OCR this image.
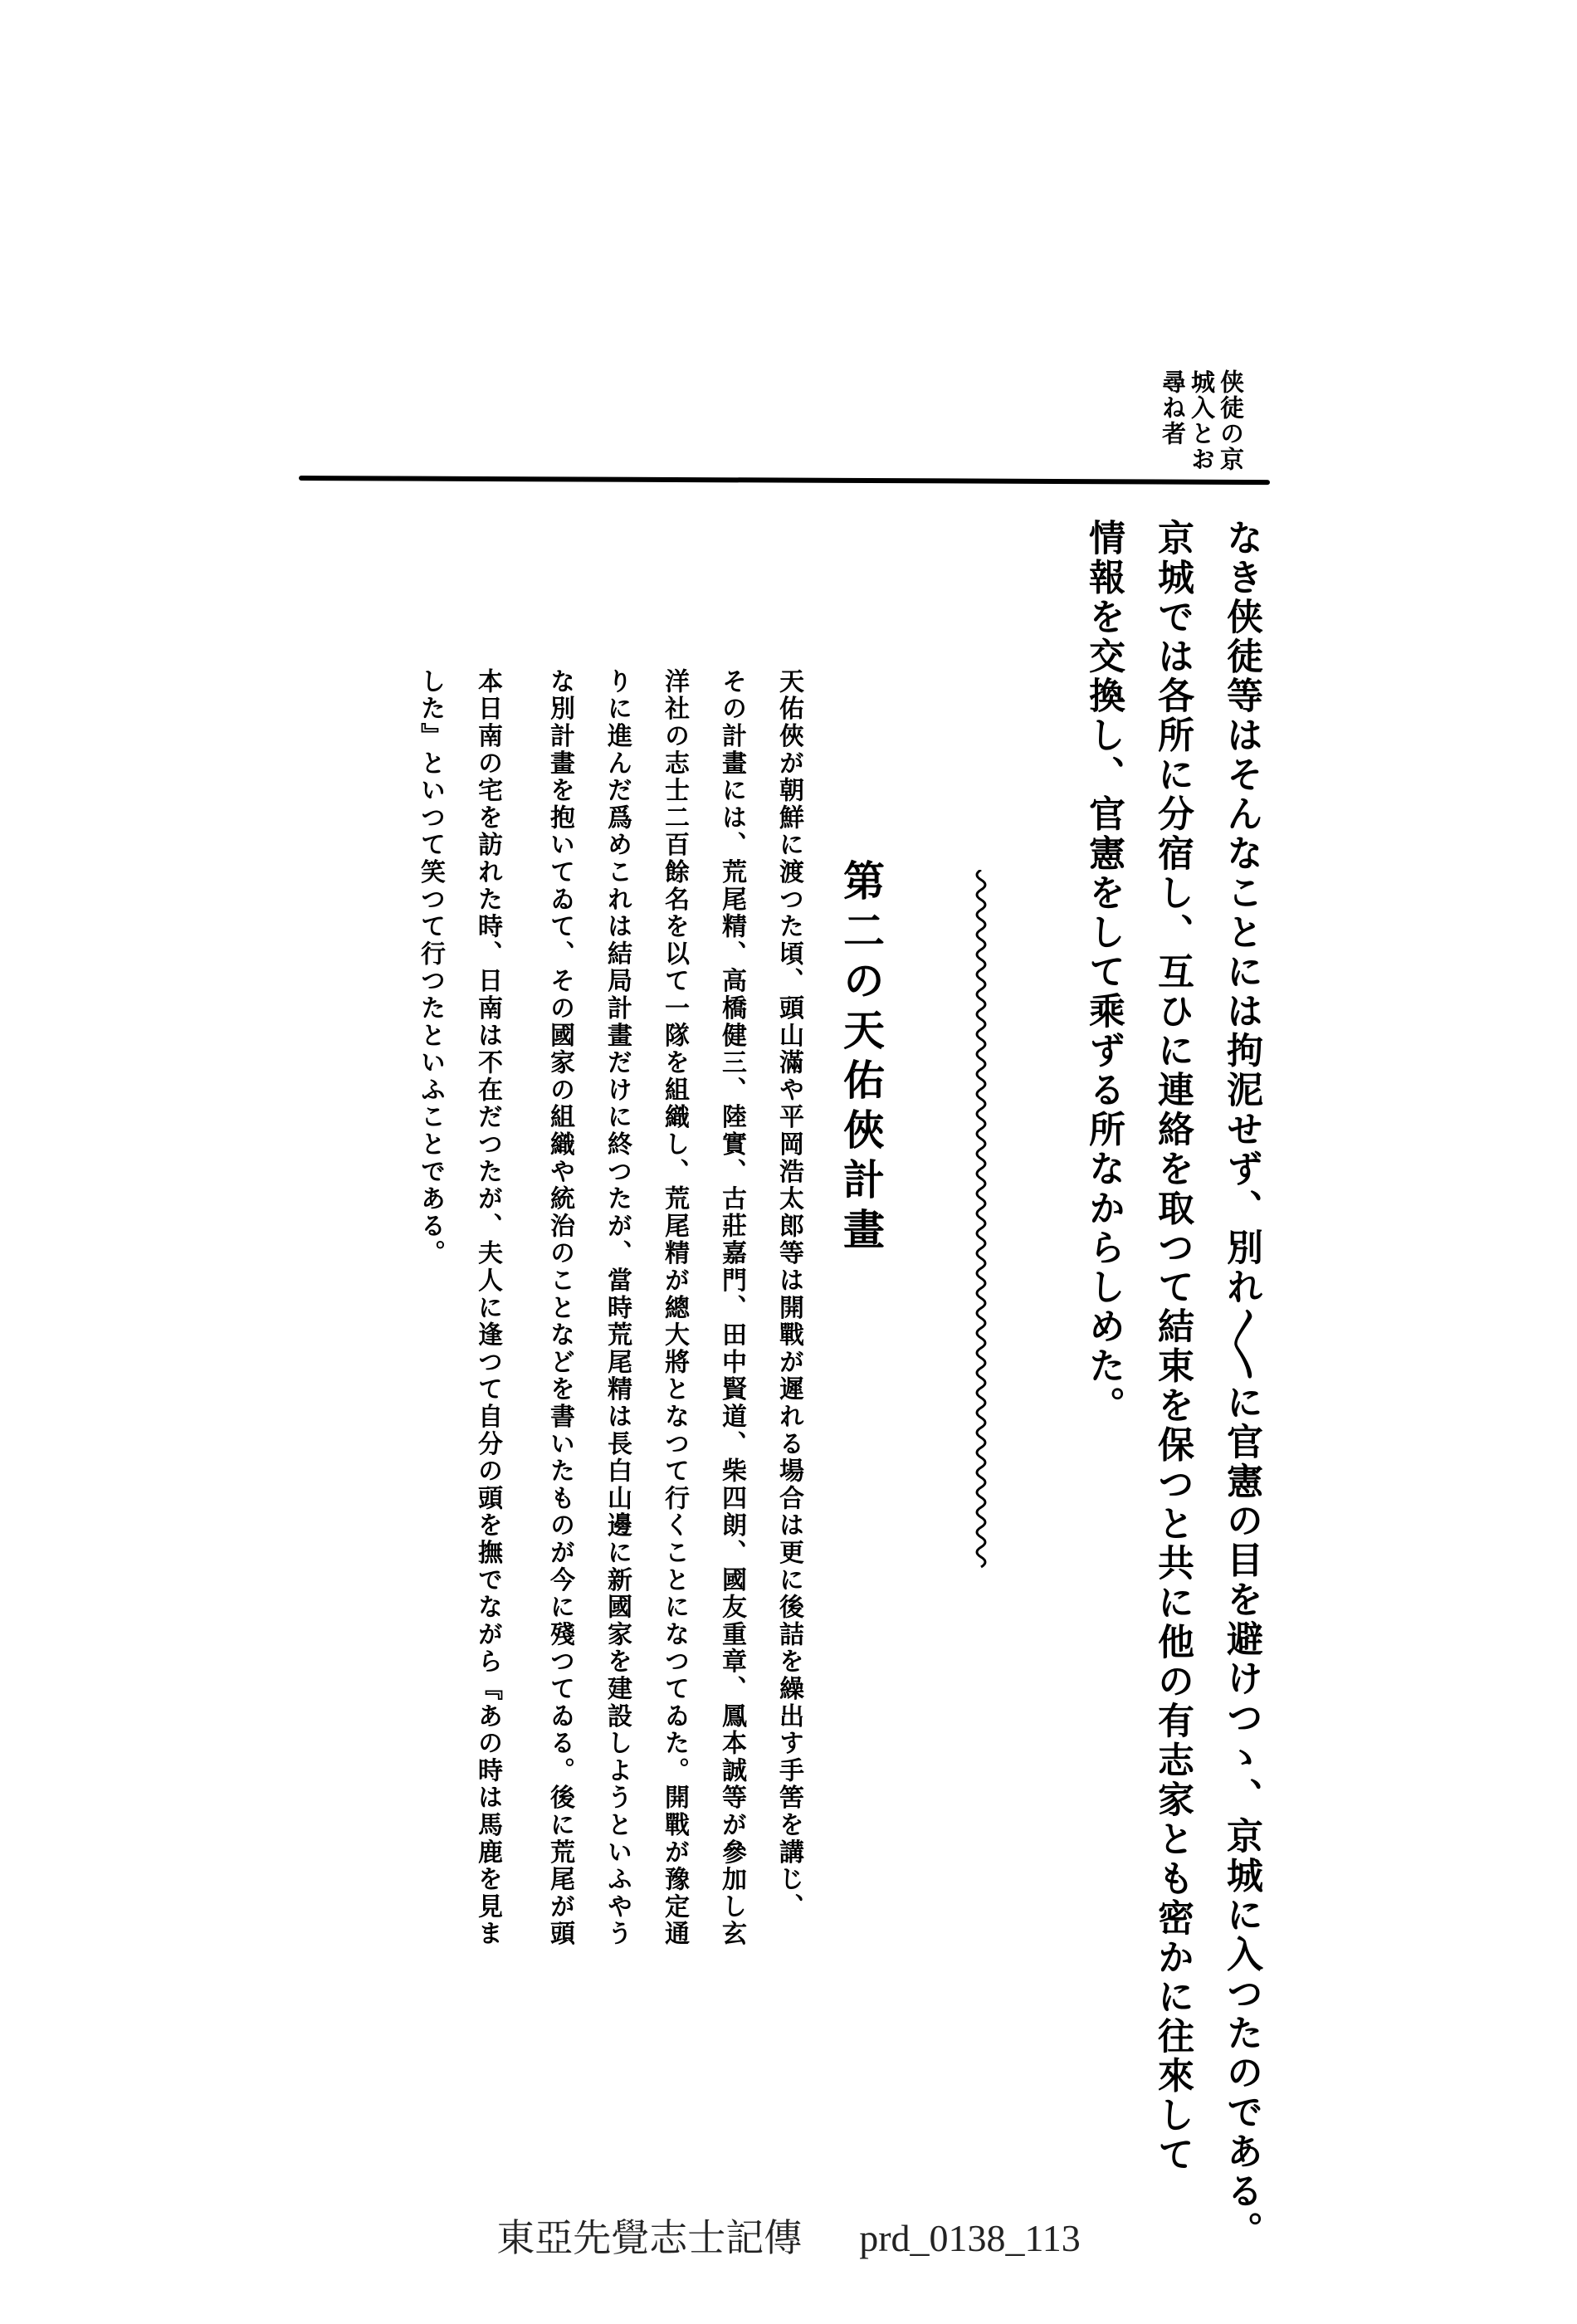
侠徒の京
城入とお
尋ね者
なき侠徒等はそんなことには拘泥せず、別れ〳〵に官憲の目を避けつゝ、京城に入つたのである。
京城では各所に分宿し、互ひに連絡を取つて結束を保つと共に他の有志家とも密かに往來して
情報を交換し、官憲をして乘ずる所なからしめた。
第二の天佑俠計畫
天佑俠が朝鮮に渡つた頃、頭山滿や平岡浩太郎等は開戰が遲れる場合は更に後詰を繰出す手筈を講じ、
その計畫には、荒尾精、高橋健三、陸實、古莊嘉門、田中賢道、柴四朗、國友重章、鳳本誠等が參加し玄
洋社の志士二百餘名を以て一隊を組織し、荒尾精が總大將となつて行くことになつてゐた。開戰が豫定通
りに進んだ爲めこれは結局計畫だけに終つたが、當時荒尾精は長白山邊に新國家を建設しようといふやう
な別計畫を抱いてゐて、その國家の組織や統治のことなどを書いたものが今に殘つてゐる。後に荒尾が頭
本日南の宅を訪れた時、日南は不在だつたが、夫人に逢つて自分の頭を撫でながら『あの時は馬鹿を見ま
した』といつて笑つて行つたといふことである。
東亞先覺志士記傳 prd_0138_113
